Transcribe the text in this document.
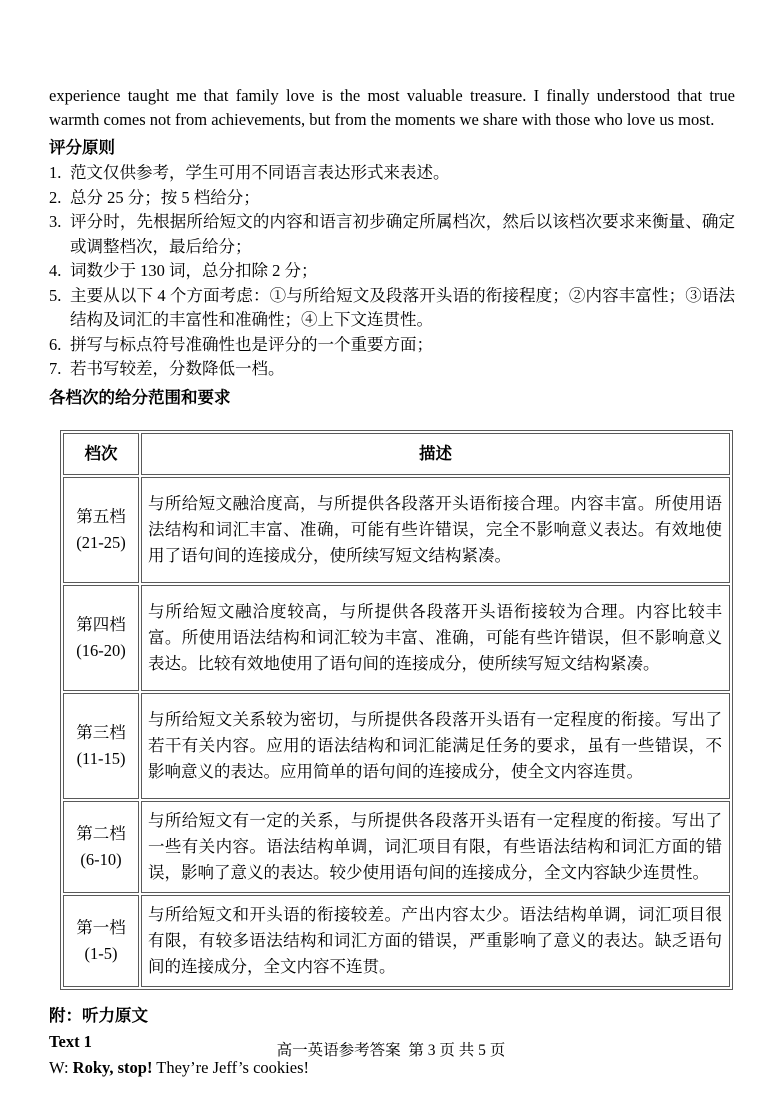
experience taught me that family love is the most valuable treasure. I finally understood that true warmth comes not from achievements, but from the moments we share with those who love us most.

评分原则
1. 范文仅供参考，学生可用不同语言表达形式来表述。
2. 总分 25 分；按 5 档给分；
3. 评分时，先根据所给短文的内容和语言初步确定所属档次，然后以该档次要求来衡量、确定或调整档次，最后给分；
4. 词数少于 130 词，总分扣除 2 分；
5. 主要从以下 4 个方面考虑：①与所给短文及段落开头语的衔接程度；②内容丰富性；③语法结构及词汇的丰富性和准确性；④上下文连贯性。
6. 拼写与标点符号准确性也是评分的一个重要方面；
7. 若书写较差，分数降低一档。
各档次的给分范围和要求
档次	描述

第五档
(21-25)	与所给短文融洽度高，与所提供各段落开头语衔接合理。内容丰富。所使用语法结构和词汇丰富、准确，可能有些许错误，完全不影响意义表达。有效地使用了语句间的连接成分，使所续写短文结构紧凑。

第四档
(16-20)	与所给短文融洽度较高，与所提供各段落开头语衔接较为合理。内容比较丰富。所使用语法结构和词汇较为丰富、准确，可能有些许错误，但不影响意义表达。比较有效地使用了语句间的连接成分，使所续写短文结构紧凑。

第三档
(11-15)	与所给短文关系较为密切，与所提供各段落开头语有一定程度的衔接。写出了若干有关内容。应用的语法结构和词汇能满足任务的要求，虽有一些错误，不影响意义的表达。应用简单的语句间的连接成分，使全文内容连贯。

第二档
(6-10)	与所给短文有一定的关系，与所提供各段落开头语有一定程度的衔接。写出了一些有关内容。语法结构单调，词汇项目有限，有些语法结构和词汇方面的错误，影响了意义的表达。较少使用语句间的连接成分，全文内容缺少连贯性。

第一档
(1-5)	与所给短文和开头语的衔接较差。产出内容太少。语法结构单调，词汇项目很有限，有较多语法结构和词汇方面的错误，严重影响了意义的表达。缺乏语句间的连接成分，全文内容不连贯。
附：听力原文
Text 1
W: Roky, stop! They’re Jeff’s cookies!
高一英语参考答案  第 3 页 共 5 页
